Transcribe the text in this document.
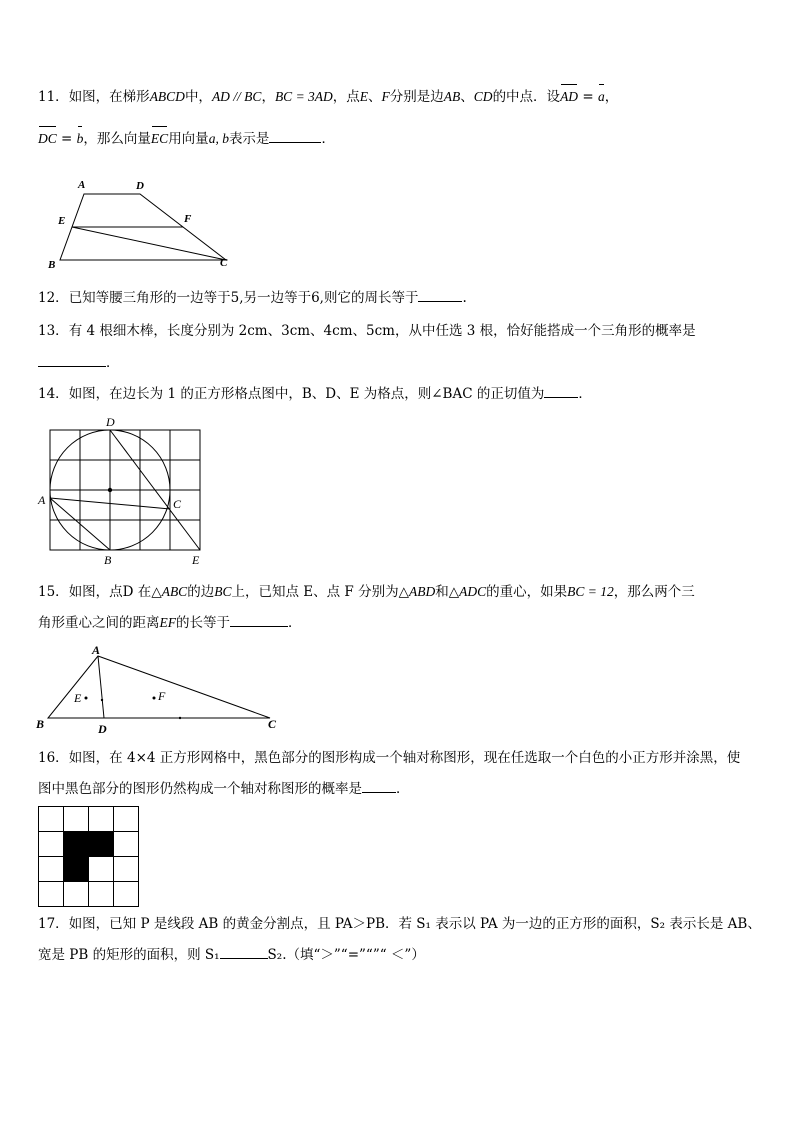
11．如图，在梯形ABCD中，AD // BC，BC = 3AD，点E、F分别是边AB、CD的中点．设AD = a，
DC = b，那么向量EC用向量a, b表示是	．
A	D
E	F
B	C
12．已知等腰三角形的一边等于5,另一边等于6,则它的周长等于	.
13．有 4 根细木棒，长度分别为 2cm、3cm、4cm、5cm，从中任选 3 根，恰好能搭成一个三角形的概率是
．
14．如图，在边长为 1 的正方形格点图中，B、D、E 为格点，则∠BAC 的正切值为	．
D
A	C
B	E
15．如图，点D 在△ABC的边BC上，已知点 E、点 F 分别为△ABD和△ADC的重心，如果BC = 12，那么两个三
角形重心之间的距离EF的长等于	．
A
B	D	C
E	F
16．如图，在 4×4 正方形网格中，黑色部分的图形构成一个轴对称图形，现在任选取一个白色的小正方形并涂黑，使
图中黑色部分的图形仍然构成一个轴对称图形的概率是	．
17．如图，已知 P 是线段 AB 的黄金分割点，且 PA＞PB．若 S₁ 表示以 PA 为一边的正方形的面积，S₂ 表示长是 AB、
宽是 PB 的矩形的面积，则 S₁	S₂.（填“＞”“=”“”“ ＜”）
